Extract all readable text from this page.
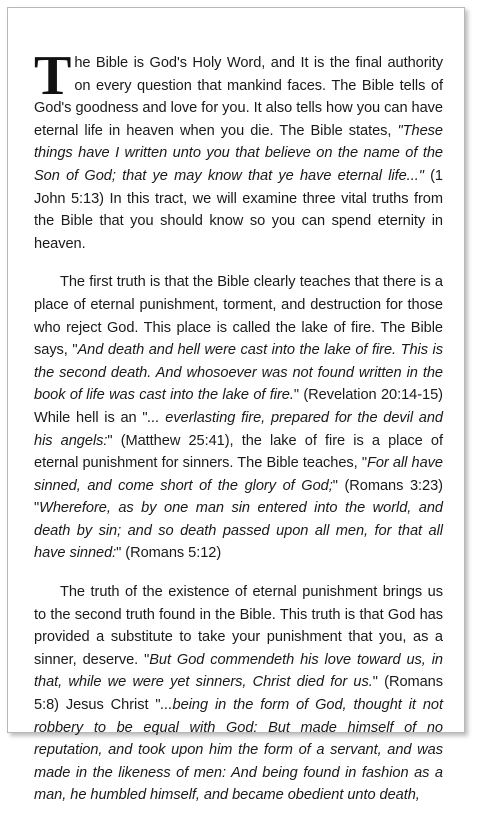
The Bible is God's Holy Word, and It is the final authority on every question that mankind faces. The Bible tells of God's goodness and love for you. It also tells how you can have eternal life in heaven when you die. The Bible states, "These things have I written unto you that believe on the name of the Son of God; that ye may know that ye have eternal life..." (1 John 5:13) In this tract, we will examine three vital truths from the Bible that you should know so you can spend eternity in heaven.

The first truth is that the Bible clearly teaches that there is a place of eternal punishment, torment, and destruction for those who reject God. This place is called the lake of fire. The Bible says, "And death and hell were cast into the lake of fire. This is the second death. And whosoever was not found written in the book of life was cast into the lake of fire." (Revelation 20:14-15) While hell is an "... everlasting fire, prepared for the devil and his angels:" (Matthew 25:41), the lake of fire is a place of eternal punishment for sinners. The Bible teaches, "For all have sinned, and come short of the glory of God;" (Romans 3:23) "Wherefore, as by one man sin entered into the world, and death by sin; and so death passed upon all men, for that all have sinned:" (Romans 5:12)

The truth of the existence of eternal punishment brings us to the second truth found in the Bible. This truth is that God has provided a substitute to take your punishment that you, as a sinner, deserve. "But God commendeth his love toward us, in that, while we were yet sinners, Christ died for us." (Romans 5:8) Jesus Christ "...being in the form of God, thought it not robbery to be equal with God: But made himself of no reputation, and took upon him the form of a servant, and was made in the likeness of men: And being found in fashion as a man, he humbled himself, and became obedient unto death,
